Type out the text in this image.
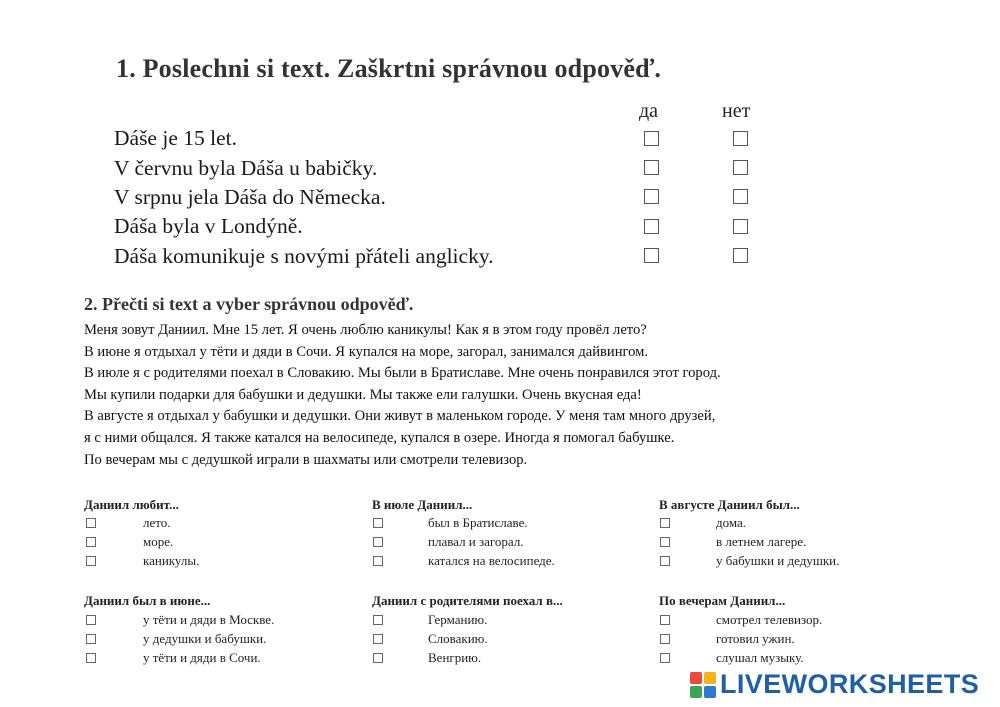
1. Poslechni si text. Zaškrtni správnou odpověď.
да	нет
Dáše je 15 let.
V červnu byla Dáša u babičky.
V srpnu jela Dáša do Německa.
Dáša byla v Londýně.
Dáša komunikuje s novými přáteli anglicky.
2. Přečti si text a vyber správnou odpověď.
Меня зовут Даниил. Мне 15 лет. Я очень люблю каникулы! Как я в этом году провёл лето?
В июне я отдыхал у тёти и дяди в Сочи. Я купался на море, загорал, занимался дайвингом.
В июле я с родителями поехал в Словакию. Мы были в Братиславе. Мне очень понравился этот город.
Мы купили подарки для бабушки и дедушки. Мы также ели галушки. Очень вкусная еда!
В августе я отдыхал у бабушки и дедушки. Они живут в маленьком городе. У меня там много друзей,
я с ними общался. Я также катался на велосипеде, купался в озере. Иногда я помогал бабушке.
По вечерам мы с дедушкой играли в шахматы или смотрели телевизор.
Даниил любит...
лето.
море.
каникулы.
В июле Даниил...
был в Братиславе.
плавал и загорал.
катался на велосипеде.
В августе Даниил был...
дома.
в летнем лагере.
у бабушки и дедушки.
Даниил был в июне...
у тёти и дяди в Москве.
у дедушки и бабушки.
у тёти и дяди в Сочи.
Даниил с родителями поехал в...
Германию.
Словакию.
Венгрию.
По вечерам Даниил...
смотрел телевизор.
готовил ужин.
слушал музыку.
LIVEWORKSHEETS
